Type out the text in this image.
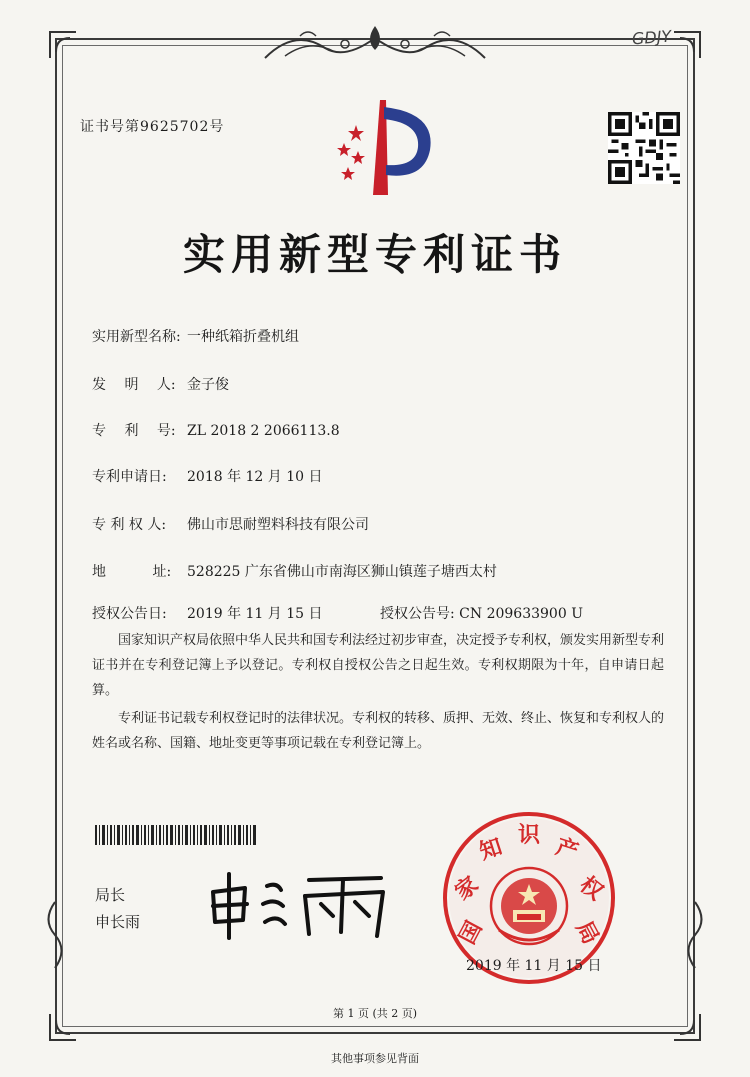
GDJY
证书号第9625702号
实用新型专利证书
实用新型名称: 一种纸箱折叠机组
发　 明　 人: 金子俊
专　 利　 号: ZL 2018 2 2066113.8
专利申请日: 2018 年 12 月 10 日
专 利 权 人: 佛山市思耐塑料科技有限公司
地　　　 址: 528225 广东省佛山市南海区狮山镇莲子塘西太村
授权公告日: 2019 年 11 月 15 日	授权公告号: CN 209633900 U
　　国家知识产权局依照中华人民共和国专利法经过初步审查，决定授予专利权，颁发实用新型专利证书并在专利登记簿上予以登记。专利权自授权公告之日起生效。专利权期限为十年，自申请日起算。
　　专利证书记载专利权登记时的法律状况。专利权的转移、质押、无效、终止、恢复和专利权人的姓名或名称、国籍、地址变更等事项记载在专利登记簿上。
局长
申长雨	国
家
知 识 产
权
局
2019 年 11 月 15 日
第 1 页 (共 2 页)
其他事项参见背面
